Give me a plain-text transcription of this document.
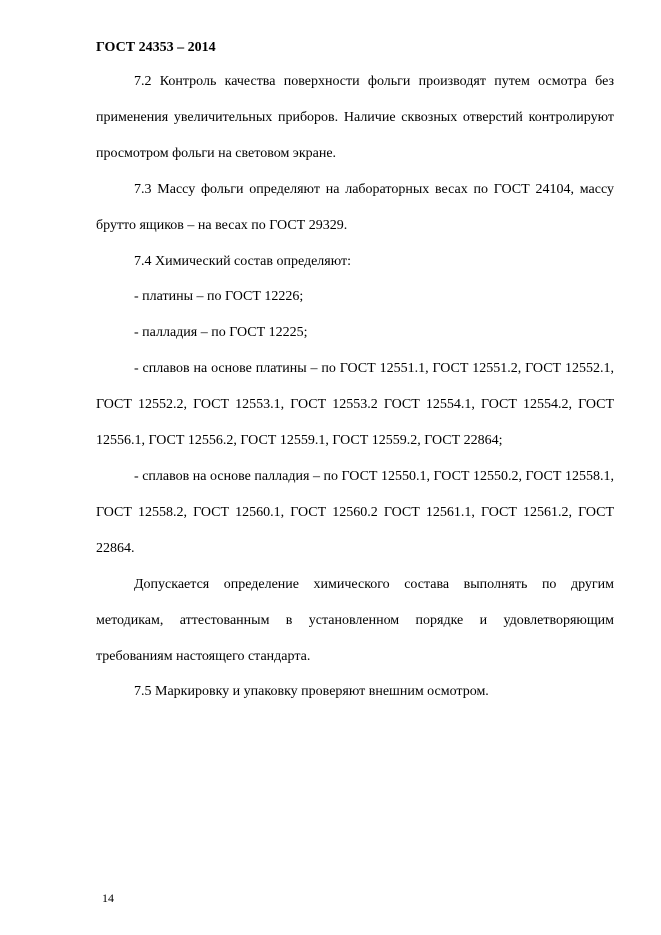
ГОСТ 24353 – 2014

7.2 Контроль качества поверхности фольги производят путем осмотра без применения увеличительных приборов. Наличие сквозных отверстий контролируют просмотром фольги на световом экране.

7.3 Массу фольги определяют на лабораторных весах по ГОСТ 24104, массу брутто ящиков – на весах по ГОСТ 29329.

7.4 Химический состав определяют:

- платины – по ГОСТ 12226;

- палладия – по ГОСТ 12225;

- сплавов на основе платины – по ГОСТ 12551.1, ГОСТ 12551.2, ГОСТ 12552.1, ГОСТ 12552.2, ГОСТ 12553.1, ГОСТ 12553.2 ГОСТ 12554.1, ГОСТ 12554.2, ГОСТ 12556.1, ГОСТ 12556.2, ГОСТ 12559.1, ГОСТ 12559.2, ГОСТ 22864;

- сплавов на основе палладия – по ГОСТ 12550.1, ГОСТ 12550.2, ГОСТ 12558.1, ГОСТ 12558.2, ГОСТ 12560.1, ГОСТ 12560.2 ГОСТ 12561.1, ГОСТ 12561.2, ГОСТ 22864.

Допускается определение химического состава выполнять по другим методикам, аттестованным в установленном порядке и удовлетворяющим требованиям настоящего стандарта.

7.5 Маркировку и упаковку проверяют внешним осмотром.

14
